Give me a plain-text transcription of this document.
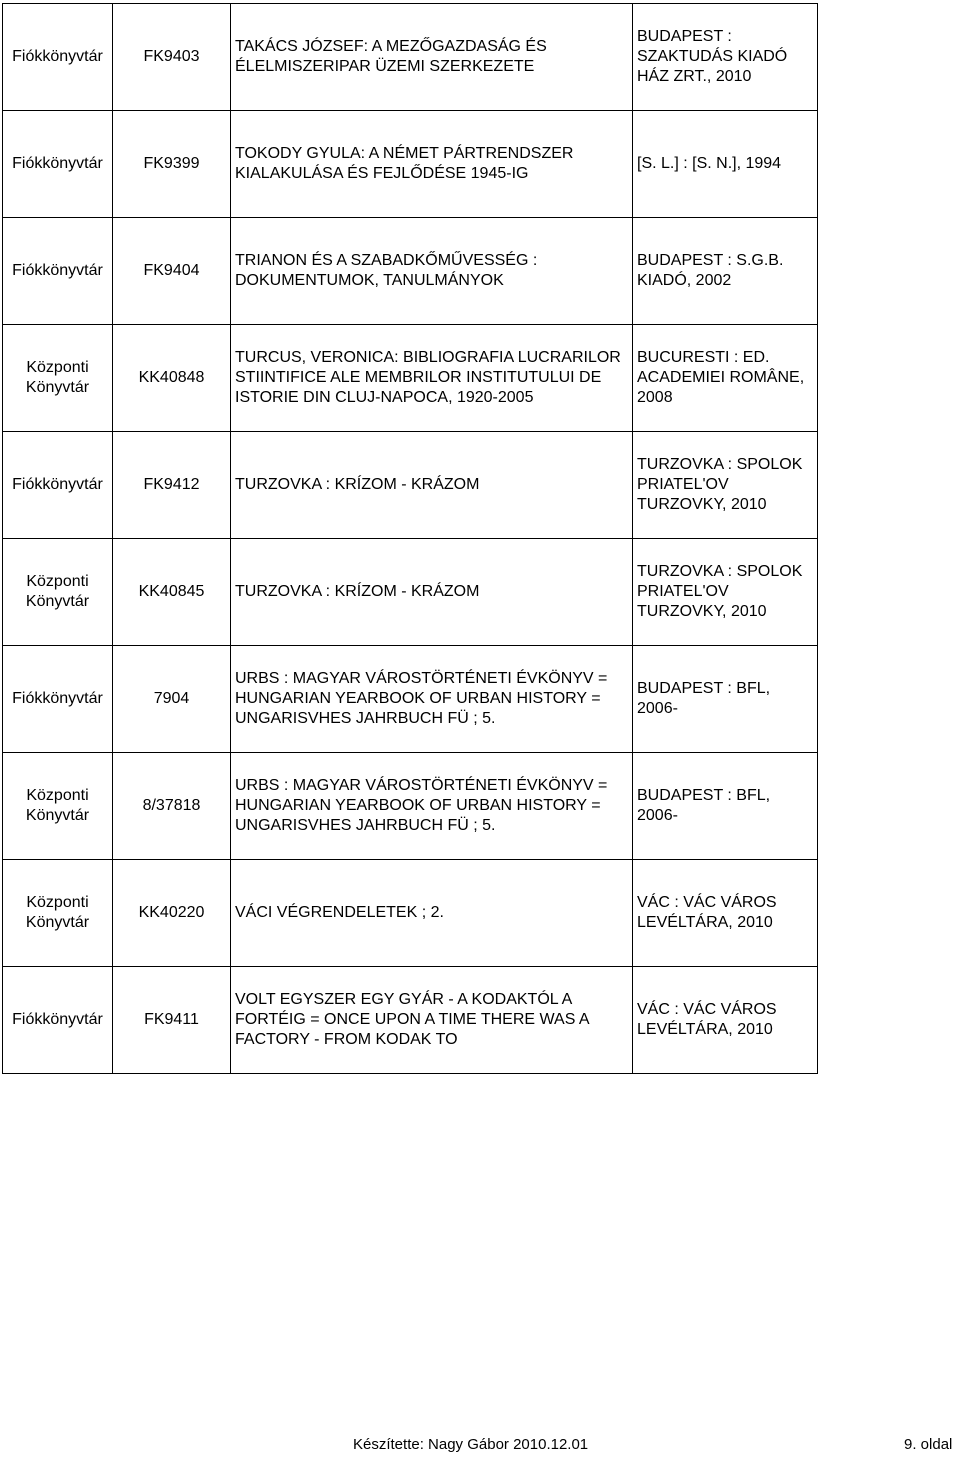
Fiókkönyvtár	FK9403	TAKÁCS JÓZSEF: A MEZŐGAZDASÁG ÉS
ÉLELMISZERIPAR ÜZEMI SZERKEZETE	BUDAPEST :
SZAKTUDÁS KIADÓ
HÁZ ZRT., 2010
Fiókkönyvtár	FK9399	TOKODY GYULA: A NÉMET PÁRTRENDSZER
KIALAKULÁSA ÉS FEJLŐDÉSE 1945-IG	[S. L.] : [S. N.], 1994
Fiókkönyvtár	FK9404	TRIANON ÉS A SZABADKŐMŰVESSÉG :
DOKUMENTUMOK, TANULMÁNYOK	BUDAPEST : S.G.B.
KIADÓ, 2002
Központi
Könyvtár	KK40848	TURCUS, VERONICA: BIBLIOGRAFIA LUCRARILOR
STIINTIFICE ALE MEMBRILOR INSTITUTULUI DE
ISTORIE DIN CLUJ-NAPOCA, 1920-2005	BUCURESTI : ED.
ACADEMIEI ROMÂNE,
2008
Fiókkönyvtár	FK9412	TURZOVKA : KRÍZOM - KRÁZOM	TURZOVKA : SPOLOK
PRIATEL'OV
TURZOVKY, 2010
Központi
Könyvtár	KK40845	TURZOVKA : KRÍZOM - KRÁZOM	TURZOVKA : SPOLOK
PRIATEL'OV
TURZOVKY, 2010
Fiókkönyvtár	7904	URBS : MAGYAR VÁROSTÖRTÉNETI ÉVKÖNYV =
HUNGARIAN YEARBOOK OF URBAN HISTORY =
UNGARISVHES JAHRBUCH FÜ ; 5.	BUDAPEST : BFL, 2006-
Központi
Könyvtár	8/37818	URBS : MAGYAR VÁROSTÖRTÉNETI ÉVKÖNYV =
HUNGARIAN YEARBOOK OF URBAN HISTORY =
UNGARISVHES JAHRBUCH FÜ ; 5.	BUDAPEST : BFL, 2006-
Központi
Könyvtár	KK40220	VÁCI VÉGRENDELETEK ; 2.	VÁC : VÁC VÁROS
LEVÉLTÁRA, 2010
Fiókkönyvtár	FK9411	VOLT EGYSZER EGY GYÁR - A KODAKTÓL A
FORTÉIG = ONCE UPON A TIME THERE WAS A
FACTORY - FROM KODAK TO	VÁC : VÁC VÁROS
LEVÉLTÁRA, 2010
Készítette: Nagy Gábor 2010.12.01	9. oldal
